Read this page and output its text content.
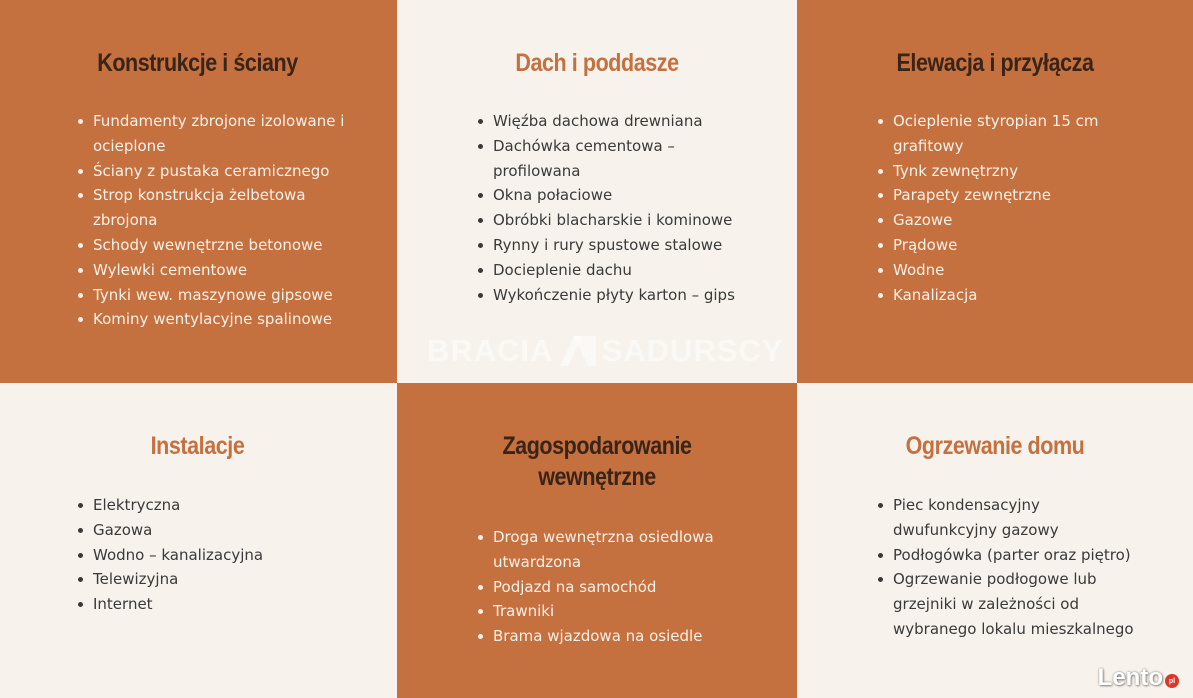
Konstrukcje i ściany
Fundamenty zbrojone izolowane i ocieplone
Ściany z pustaka ceramicznego
Strop konstrukcja żelbetowa zbrojona
Schody wewnętrzne betonowe
Wylewki cementowe
Tynki wew. maszynowe gipsowe
Kominy wentylacyjne spalinowe
Dach i poddasze
Więźba dachowa drewniana
Dachówka cementowa – profilowana
Okna połaciowe
Obróbki blacharskie i kominowe
Rynny i rury spustowe stalowe
Docieplenie dachu
Wykończenie płyty karton – gips
Elewacja i przyłącza
Ocieplenie styropian 15 cm grafitowy
Tynk zewnętrzny
Parapety zewnętrzne
Gazowe
Prądowe
Wodne
Kanalizacja
Instalacje
Elektryczna
Gazowa
Wodno – kanalizacyjna
Telewizyjna
Internet
Zagospodarowanie
wewnętrzne
Droga wewnętrzna osiedlowa utwardzona
Podjazd na samochód
Trawniki
Brama wjazdowa na osiedle
Ogrzewanie domu
Piec kondensacyjny dwufunkcyjny gazowy
Podłogówka (parter oraz piętro)
Ogrzewanie podłogowe lub grzejniki w zależności od wybranego lokalu mieszkalnego
BRACIA SADURSCY
Lento pl
